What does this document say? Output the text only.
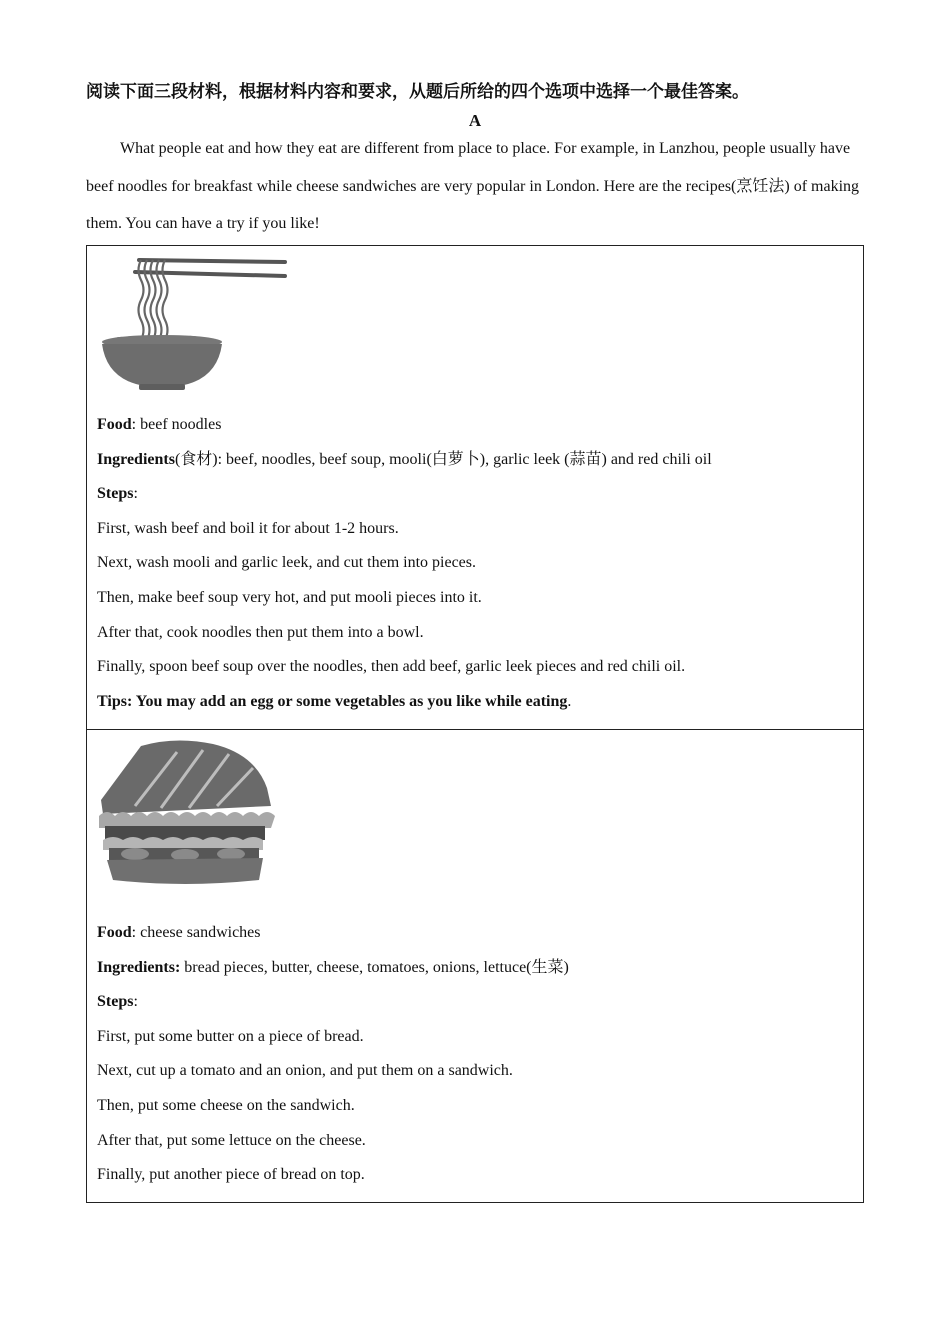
阅读下面三段材料，根据材料内容和要求，从题后所给的四个选项中选择一个最佳答案。
A
What people eat and how they eat are different from place to place. For example, in Lanzhou, people usually have beef noodles for breakfast while cheese sandwiches are very popular in London. Here are the recipes(烹饪法) of making them. You can have a try if you like!
Food: beef noodles
Ingredients(食材): beef, noodles, beef soup, mooli(白萝卜), garlic leek (蒜苗) and red chili oil
Steps:
First, wash beef and boil it for about 1-2 hours.
Next, wash mooli and garlic leek, and cut them into pieces.
Then, make beef soup very hot, and put mooli pieces into it.
After that, cook noodles then put them into a bowl.
Finally, spoon beef soup over the noodles, then add beef, garlic leek pieces and red chili oil.
Tips: You may add an egg or some vegetables as you like while eating.
Food: cheese sandwiches
Ingredients: bread pieces, butter, cheese, tomatoes, onions, lettuce(生菜)
Steps:
First, put some butter on a piece of bread.
Next, cut up a tomato and an onion, and put them on a sandwich.
Then, put some cheese on the sandwich.
After that, put some lettuce on the cheese.
Finally, put another piece of bread on top.
